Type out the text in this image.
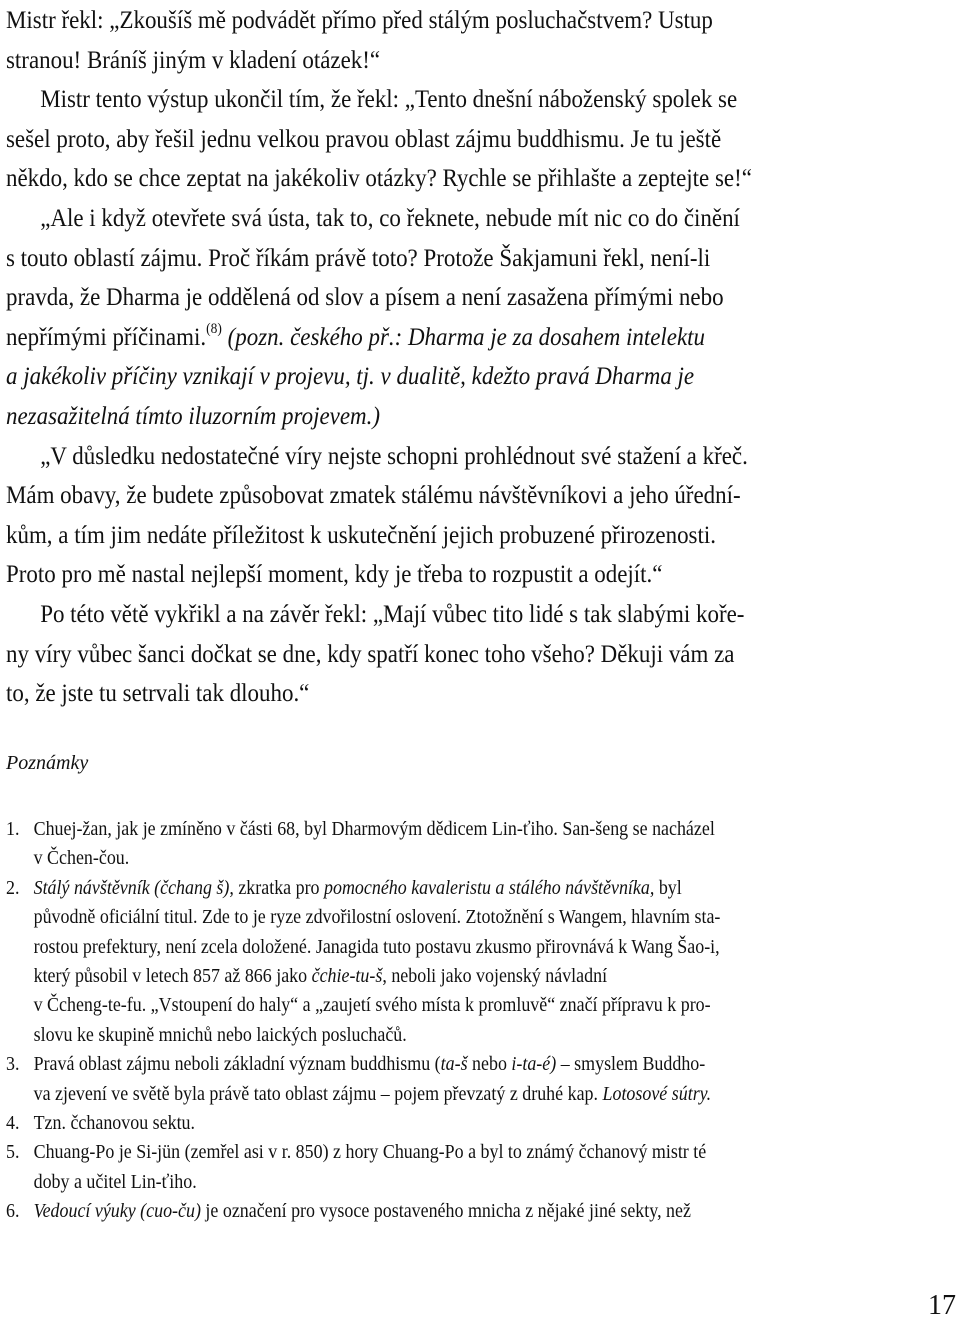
Mistr řekl: „Zkoušíš mě podvádět přímo před stálým posluchačstvem? Ustup
stranou! Bráníš jiným v kladení otázek!“
Mistr tento výstup ukončil tím, že řekl: „Tento dnešní náboženský spolek se
sešel proto, aby řešil jednu velkou pravou oblast zájmu buddhismu. Je tu ještě
někdo, kdo se chce zeptat na jakékoliv otázky? Rychle se přihlašte a zeptejte se!“
„Ale i když otevřete svá ústa, tak to, co řeknete, nebude mít nic co do činění
s touto oblastí zájmu. Proč říkám právě toto? Protože Šakjamuni řekl, není-li
pravda, že Dharma je oddělená od slov a písem a není zasažena přímými nebo
nepřímými příčinami.$^{(8)}$ (pozn. českého př.: Dharma je za dosahem intelektu
a jakékoliv příčiny vznikají v projevu, tj. v dualitě, kdežto pravá Dharma je
nezasažitelná tímto iluzorním projevem.)
„V důsledku nedostatečné víry nejste schopni prohlédnout své stažení a křeč.
Mám obavy, že budete způsobovat zmatek stálému návštěvníkovi a jeho úřední-
kům, a tím jim nedáte příležitost k uskutečnění jejich probuzené přirozenosti.
Proto pro mě nastal nejlepší moment, kdy je třeba to rozpustit a odejít.“
Po této větě vykřikl a na závěr řekl: „Mají vůbec tito lidé s tak slabými koře-
ny víry vůbec šanci dočkat se dne, kdy spatří konec toho všeho? Děkuji vám za
to, že jste tu setrvali tak dlouho.“
Poznámky
1. Chuej-žan, jak je zmíněno v části 68, byl Dharmovým dědicem Lin-ťiho. San-šeng se nacházel
v Čchen-čou.
2. Stálý návštěvník (čchang š), zkratka pro pomocného kavaleristu a stálého návštěvníka, byl
původně oficiální titul. Zde to je ryze zdvořilostní oslovení. Ztotožnění s Wangem, hlavním sta-
rostou prefektury, není zcela doložené. Janagida tuto postavu zkusmo přirovnává k Wang Šao-i,
který působil v letech 857 až 866 jako čchie-tu-š, neboli jako vojenský návladní
v Čcheng-te-fu. „Vstoupení do haly“ a „zaujetí svého místa k promluvě“ značí přípravu k pro-
slovu ke skupině mnichů nebo laických posluchačů.
3. Pravá oblast zájmu neboli základní význam buddhismu (ta-š nebo i-ta-é) – smyslem Buddho-
va zjevení ve světě byla právě tato oblast zájmu – pojem převzatý z druhé kap. Lotosové sútry.
4. Tzn. čchanovou sektu.
5. Chuang-Po je Si-jün (zemřel asi v r. 850) z hory Chuang-Po a byl to známý čchanový mistr té
doby a učitel Lin-ťiho.
6. Vedoucí výuky (cuo-ču) je označení pro vysoce postaveného mnicha z nějaké jiné sekty, než
17
